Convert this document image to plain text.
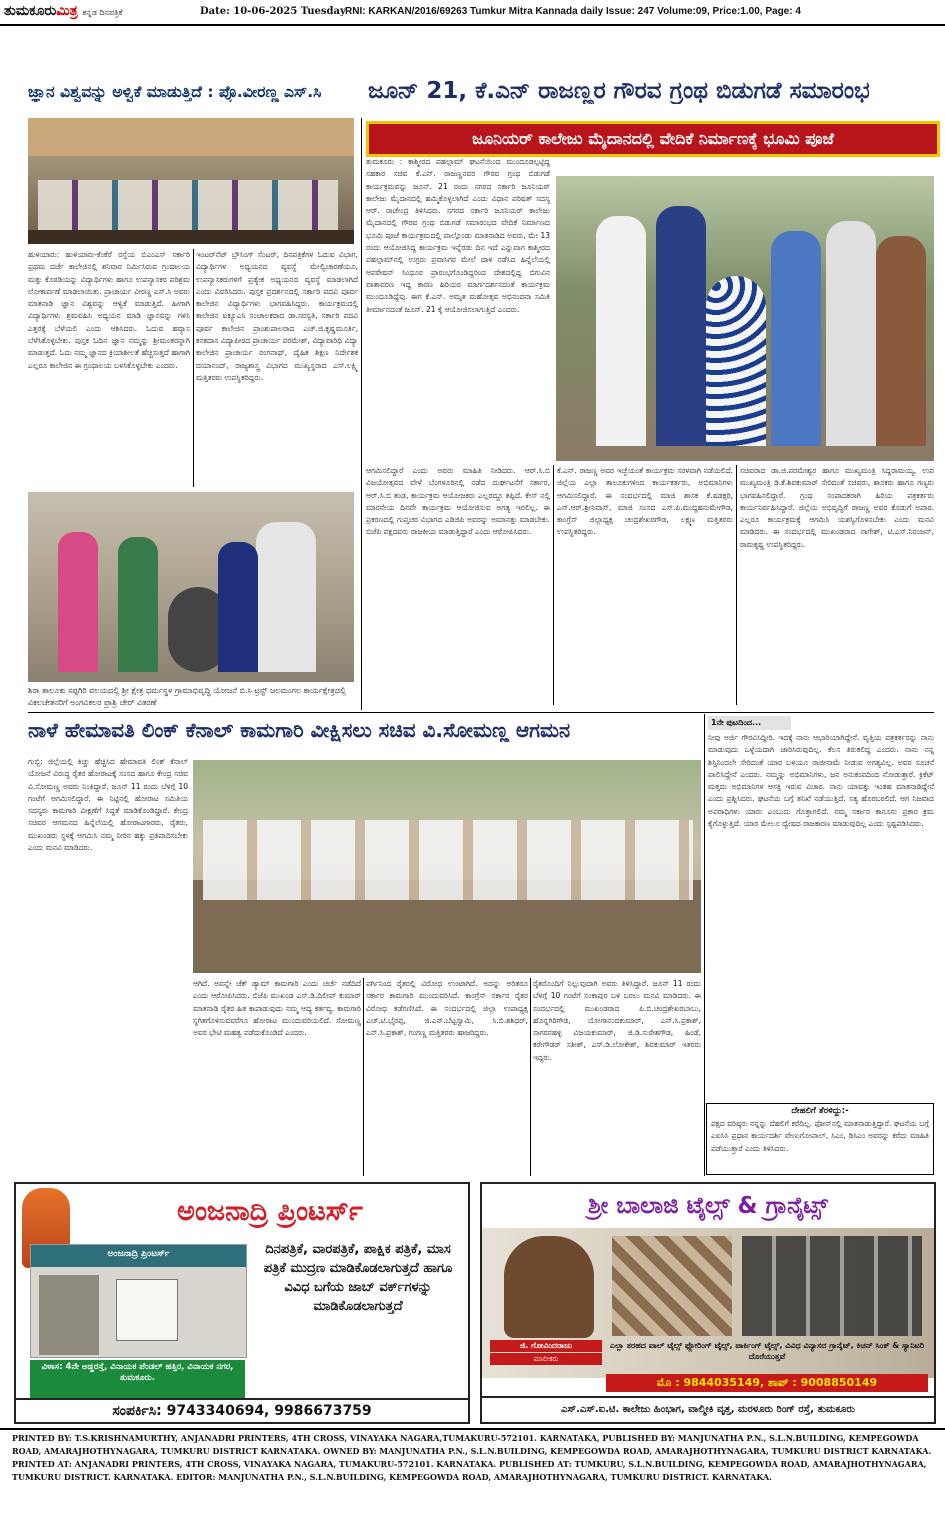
ತುಮಕೂರುಮಿತ್ರ ಕನ್ನಡ ದಿನಪತ್ರಿಕೆ	Date: 10-06-2025 Tuesday RNI: KARKAN/2016/69263 Tumkur Mitra Kannada daily Issue: 247 Volume:09, Price:1.00, Page: 4
ಜ್ಞಾನ ವಿಶ್ವವನ್ನು ಅಳ್ವಿಕೆ ಮಾಡುತ್ತಿದೆ : ಪ್ರೊ.ವೀರಣ್ಣ ಎಸ್.ಸಿ	ಜೂನ್ 21, ಕೆ.ಎನ್ ರಾಜಣ್ಣರ ಗೌರವ ಗ್ರಂಥ ಬಿಡುಗಡೆ ಸಮಾರಂಭ
ಜೂನಿಯರ್ ಕಾಲೇಜು ಮೈದಾನದಲ್ಲಿ ವೇದಿಕೆ ನಿರ್ಮಾಣಕ್ಕೆ ಭೂಮಿ ಪೂಜೆ
ಹುಳಿಯಾರು: ಹುಳಿಯಾರು-ಕೆಂಕೆರೆ ರಸ್ತೆಯ ಬಿಎಂಎಸ್ ಸರ್ಕಾರಿ ಪ್ರಥಮ ದರ್ಜೆ ಕಾಲೇಜಿನಲ್ಲಿ ಶನಿವಾರ ನಿರ್ಮಿಸಿರುವ ಗ್ರಂಥಾಲಯ ಮತ್ತು ಕೊಠಡಿಯನ್ನು ವಿದ್ಯಾರ್ಥಿಗಳು ಹಾಗೂ ಉಪನ್ಯಾಸಕರ ಪರಿಶ್ರಮ ಲೋಕಾರ್ಪಣೆ ಮಾಡಲಾಯಿತು. ಪ್ರಾಚಾರ್ಯ ವೀರಣ್ಣ ಎಸ್.ಸಿ ಅವರು ಮಾತನಾಡಿ ಜ್ಞಾನ ವಿಶ್ವವನ್ನು ಆಳ್ವಿಕೆ ಮಾಡುತ್ತಿದೆ. ಹೀಗಾಗಿ ವಿದ್ಯಾರ್ಥಿಗಳು ಶ್ರಮವಹಿಸಿ ಅಧ್ಯಯನ ಮಾಡಿ ಜ್ಞಾನವನ್ನು ಗಳಿಸಿ ಎತ್ತರಕ್ಕೆ ಬೆಳೆಯಲಿ ಎಂದು ಆಶಿಸಿದರು. ಓದುವ ಹವ್ಯಾಸ ಬೆಳೆಸಿಕೊಳ್ಳಬೇಕು. ಪುಸ್ತಕ ಓದಿನ ಜ್ಞಾನ ನಮ್ಮನ್ನು ಶ್ರೀಮಂತರನ್ನಾಗಿ ಮಾಡುತ್ತದೆ. ಓದು ನಮ್ಮ ಜ್ಞಾನದ ಕ್ರಿಯಾಶೀಲತೆ ಹೆಚ್ಚಿಸುತ್ತದೆ ಹಾಗಾಗಿ ಎಲ್ಲರೂ ಕಾಲೇಜಿನ ಈ ಗ್ರಂಥಾಲಯ ಬಳಸಿಕೊಳ್ಳಬೇಕು ಎಂದರು.
ಇಂಟರ್‌ನೆಟ್ ಬ್ರೌಸಿಂಗ್ ಸೆಂಟರ್, ದಿನಪತ್ರಿಕೆಗಳ ಓದುವ ವಿಭಾಗ, ವಿದ್ಯಾರ್ಥಿಗಳ ಅಧ್ಯಯನದ ವ್ಯವಸ್ಥೆ ಮೇಲ್ವಿಚಾರಣೆಯೂ, ಉಪನ್ಯಾಸಕರುಗಳಿಗೆ ಪ್ರತ್ಯೇಕ ಅಧ್ಯಯನದ ವ್ಯವಸ್ಥೆ ಮಾಡಲಾಗಿದೆ ಎಂದು ವಿವರಿಸಿದರು. ಪುಸ್ತಕ ಪ್ರದರ್ಶನದಲ್ಲಿ ಸರ್ಕಾರಿ ಪದವಿ ಪೂರ್ವ ಕಾಲೇಜಿನ ವಿದ್ಯಾರ್ಥಿಗಳು ಭಾಗವಹಿಸಿದ್ದರು. ಕಾರ್ಯಕ್ರಮದಲ್ಲಿ ಕಾಲೇಜಿನ ಐಕ್ಯೂಎಸಿ ಸಂಚಾಲಕರಾದ ಡಾ.ಸರಸ್ವತಿ, ಸರ್ಕಾರಿ ಪದವಿ ಪೂರ್ವ ಕಾಲೇಜಿನ ಪ್ರಾಂಶುಪಾಲರಾದ ಎಚ್.ಜಿ.ಕೃಷ್ಣಮೂರ್ತಿ, ಕನಕದಾಸ ವಿದ್ಯಾಪೀಠದ ಪ್ರಾಚಾರ್ಯ ಪರಮೇಶ್, ವಿದ್ಯಾವಾರಿಧಿ ವಿದ್ಯಾ ಕಾಲೇಜಿನ ಪ್ರಾಚಾರ್ಯ ರಂಗನಾಥ್, ದೈಹಿಕ ಶಿಕ್ಷಣ ನಿರ್ದೇಶಕ ದಯಾನಂದ್, ರಾಜ್ಯಶಾಸ್ತ್ರ ವಿಭಾಗದ ಮುಖ್ಯಸ್ಥರಾದ ಎಸ್.ಲಕ್ಷ್ಮಿ ಮತ್ತಿತರರು ಉಪಸ್ಥಿತರಿದ್ದರು.
ಶಿರಾ ತಾಲೂಕು ಸಪ್ಪಗಿರಿ ವಲಯದಲ್ಲಿ ಶ್ರೀ ಕ್ಷೇತ್ರ ಧರ್ಮಸ್ಥಳ ಗ್ರಾಮಾಭಿವೃದ್ಧಿ ಯೋಜನೆ ಬಿ.ಸಿ ಟ್ರಸ್ಟ್ ಜಲಮಂಗಲ ಕಾರ್ಯಕ್ಷೇತ್ರದಲ್ಲಿ ವಿಕಲಚೇತನರಿಗೆ ಅಂಗವಿಕಲರ ಪ್ರಾಶ್ರಿ ಚೇರ್ ವಿತರಣೆ
ತುಮಕೂರು : ಕಾಶ್ಮೀರದ ಪಹಲ್ಗಾಮ್ ಘಟನೆಯಿಂದ ಮುಂದೂಡಲ್ಪಟ್ಟಿದ್ದ ಸಹಕಾರ ಸಚಿವ ಕೆ.ಎನ್. ರಾಜಣ್ಣನವರ ಗೌರವ ಗ್ರಂಥ ಬಿಡುಗಡೆ ಕಾರ್ಯಕ್ರಮವನ್ನು ಜೂನ್. 21 ರಂದು ನಗರದ ಸರ್ಕಾರಿ ಜೂನಿಯರ್ ಕಾಲೇಜು ಮೈದಾನದಲ್ಲಿ ಹಮ್ಮಿಕೊಳ್ಳಲಾಗಿದೆ ಎಂದು ವಿಧಾನ ಪರಿಷತ್ ಸದಸ್ಯ ಆರ್. ರಾಜೇಂದ್ರ ತಿಳಿಸಿದರು. ನಗರದ ಸರ್ಕಾರಿ ಜೂನಿಯರ್ ಕಾಲೇಜು ಮೈದಾನದಲ್ಲಿ ಗೌರವ ಗ್ರಂಥ ಬಿಡುಗಡೆ ಸಮಾರಂಭದ ವೇದಿಕೆ ನಿರ್ಮಾಣದ ಭೂಮಿ ಪೂಜೆ ಕಾರ್ಯಕ್ರಮದಲ್ಲಿ ಪಾಲ್ಗೊಂಡು ಮಾತನಾಡಿದ ಅವರು, ಮೇ 13 ರಂದು ಆಯೋಜಿಸಿದ್ದ ಕಾರ್ಯಕ್ರಮ ಇನ್ನೆರಡು ದಿನ ಇದೆ ಎನ್ನುವಾಗ ಕಾಶ್ಮೀರದ ಪಹಲ್ಗಾಮ್‌ನಲ್ಲಿ ಉಗ್ರರು ಪ್ರವಾಸಿಗರ ಮೇಲೆ ದಾಳಿ ನಡೆಸಿದ ಹಿನ್ನೆಲೆಯಲ್ಲಿ ಆಪರೇಷನ್ ಸಿಂಧೂರ ಪ್ರಾರಂಭಗೊಂಡಿದ್ದರಿಂದ ದೇಶದಲ್ಲಿದ್ದ ಬಿಗುವಿನ ವಾತಾವರಣ ಇದ್ದ ಕಾರಣ ಹಿರಿಯರ ಮಾರ್ಗದರ್ಶನದಂತೆ ಕಾರ್ಯಕ್ರಮ ಮುಂದೂಡಿದ್ದೆವು. ಈಗ ಕೆ.ಎನ್. ಅಮೃತ ಮಹೋತ್ಸವ ಅಭಿನಂದನಾ ಸಮಿತಿ ತೀರ್ಮಾನದಂತೆ ಜೂನ್. 21 ಕ್ಕೆ ಆಯೋಜಿಸಲಾಗುತ್ತಿದೆ ಎಂದರು.
ಆಗಮಿಸಲಿದ್ದಾರೆ ಎಂದು ಅವರು ಮಾಹಿತಿ ನೀಡಿದರು. ಆರ್.ಸಿ.ಬಿ ವಿಜಯೋತ್ಸವದ ವೇಳೆ ಬೆಂಗಳೂರಿನಲ್ಲಿ ನಡೆದ ದುರ್ಘಟನೆಗೆ ಸರ್ಕಾರ, ಆರ್.ಸಿ.ಬಿ ತಂಡ, ಕಾರ್ಯಕ್ರಮ ಆಯೋಜಕರು ಎಲ್ಲರದ್ದೂ ತಪ್ಪಿದೆ. ಕೇಸ್ ನಲ್ಲಿ ಮಾರನೇಯ ದಿನವೇ ಕಾರ್ಯಕ್ರಮ ಆಯೋಜಿಸುವ ಅಗತ್ಯ ಇರಲಿಲ್ಲ. ಈ ಪ್ರಕರಣದಲ್ಲಿ ಗುಪ್ತಚರ ವಿಭಾಗದ ಎಡಿಜಿಪಿ ಅವರನ್ನು ಅಮಾನತ್ತು ಮಾಡಬೇಕು. ಬಿಜೆಪಿ ಪಕ್ಷದವರು ರಾಜಕೀಯ ಮಾಡುತ್ತಿದ್ದಾರೆ ಎಂದು ಆರೋಪಿಸಿದರು.
ಕೆ.ಎನ್. ರಾಜಣ್ಣ ಅವರ ಇಚ್ಛೆಯಂತೆ ಕಾರ್ಯಕ್ರಮ ಸರಳವಾಗಿ ನಡೆಯಲಿದೆ. ಜಿಲ್ಲೆಯ ಎಲ್ಲಾ ತಾಲೂಕುಗಳಿಂದ ಕಾರ್ಯಕರ್ತರು, ಅಭಿಮಾನಿಗಳು ಆಗಮಿಸಲಿದ್ದಾರೆ. ಈ ಸಂದರ್ಭದಲ್ಲಿ ಮಾಜಿ ಶಾಸಕ ಕೆ.ಷಡಕ್ಷರಿ, ಎಸ್.ಆರ್.ಶ್ರೀನಿವಾಸ್, ಮಾಜಿ ಸಂಸದ ಎಸ್.ಪಿ.ಮುದ್ದಹನುಮೇಗೌಡ, ಕಾಂಗ್ರೆಸ್ ಜಿಲ್ಲಾಧ್ಯಕ್ಷ ಚಂದ್ರಶೇಖರಗೌಡ, ಲಕ್ಷ್ಮಣ ಮತ್ತಿತರರು ಉಪಸ್ಥಿತರಿದ್ದರು.
ಸಚಿವರಾದ ಡಾ.ಜಿ.ಪರಮೇಶ್ವರ ಹಾಗೂ ಮುಖ್ಯಮಂತ್ರಿ ಸಿದ್ದರಾಮಯ್ಯ, ಉಪ ಮುಖ್ಯಮಂತ್ರಿ ಡಿ.ಕೆ.ಶಿವಕುಮಾರ್ ಸೇರಿದಂತೆ ಸಚಿವರು, ಶಾಸಕರು ಹಾಗೂ ಗಣ್ಯರು ಭಾಗವಹಿಸಲಿದ್ದಾರೆ. ಗ್ರಂಥ ಸಂಪಾದಕರಾಗಿ ಹಿರಿಯ ಪತ್ರಕರ್ತರು ಕಾರ್ಯನಿರ್ವಹಿಸಿದ್ದಾರೆ. ಜಿಲ್ಲೆಯ ಅಭಿವೃದ್ಧಿಗೆ ರಾಜಣ್ಣ ಅವರ ಕೊಡುಗೆ ಅಪಾರ. ಎಲ್ಲರೂ ಕಾರ್ಯಕ್ರಮಕ್ಕೆ ಆಗಮಿಸಿ ಯಶಸ್ವಿಗೊಳಿಸಬೇಕು ಎಂದು ಮನವಿ ಮಾಡಿದರು. ಈ ಸಂದರ್ಭದಲ್ಲಿ ಮುಖಂಡರಾದ ನಾಗೇಶ್, ಟಿ.ಎಸ್.ನಿರಂಜನ್, ರಾಮಕೃಷ್ಣ ಉಪಸ್ಥಿತರಿದ್ದರು.
ನಾಳೆ ಹೇಮಾವತಿ ಲಿಂಕ್ ಕೆನಾಲ್ ಕಾಮಗಾರಿ ವೀಕ್ಷಿಸಲು ಸಚಿವ ವಿ.ಸೋಮಣ್ಣ ಆಗಮನ
ಗುಬ್ಬಿ: ಜಿಲ್ಲೆಯಲ್ಲಿ ಕಿಚ್ಚು ಹೆಚ್ಚಿಸಿದ ಹೇಮಾವತಿ ಲಿಂಕ್ ಕೆನಾಲ್ ಯೋಜನೆ ವಿರುದ್ಧ ರೈತರ ಹೋರಾಟಕ್ಕೆ ಸಂಸದ ಹಾಗೂ ಕೇಂದ್ರ ಸಚಿವ ವಿ.ಸೋಮಣ್ಣ ಅವರು ನಿಂತಿದ್ದಾರೆ. ಜೂನ್ 11 ರಂದು ಬೆಳಿಗ್ಗೆ 10 ಗಂಟೆಗೆ ಆಗಮಿಸಲಿದ್ದಾರೆ. ಈ ನಿಟ್ಟಿನಲ್ಲಿ ಹೋರಾಟ ಸಮಿತಿಯ ಸದಸ್ಯರು ಕಾಮಗಾರಿ ವೀಕ್ಷಣೆಗೆ ಸಿದ್ಧತೆ ಮಾಡಿಕೊಂಡಿದ್ದಾರೆ. ಕೇಂದ್ರ ಸಚಿವರ ಆಗಮನದ ಹಿನ್ನೆಲೆಯಲ್ಲಿ ಹೋರಾಟಗಾರರು, ರೈತರು, ಮುಖಂಡರು ಸ್ಥಳಕ್ಕೆ ಆಗಮಿಸಿ ನಮ್ಮ ನೀರಿನ ಹಕ್ಕು ಪ್ರತಿಪಾದಿಸಬೇಕು ಎಂದು ಮನವಿ ಮಾಡಿದರು.
ಆಗಿದೆ. ಅವನ್ನೇ ಚೆಕ್ ಡ್ಯಾಮ್ ಕಾಮಗಾರಿ ಎಂದು ಚರ್ಚೆ ನಡೆದಿದೆ ಎಂದು ಆರೋಪಿಸಿದರು. ಬಿಜೆಪಿ ಮುಖಂಡ ಎಸ್.ಡಿ.ದಿಲೀಪ್ ಕುಮಾರ್ ಮಾತನಾಡಿ ರೈತರ ಹಿತ ಕಾಪಾಡುವುದು ನಮ್ಮ ಆದ್ಯ ಕರ್ತವ್ಯ. ಕಾಮಗಾರಿ ಸ್ಥಗಿತಗೊಳಿಸುವವರೆಗೂ ಹೋರಾಟ ಮುಂದುವರಿಯಲಿದೆ. ಸೋಮಣ್ಣ ಅವರ ಭೇಟಿ ಮಹತ್ವ ಪಡೆದುಕೊಂಡಿದೆ ಎಂದರು.
ಪರ್ಗಿನಿಂದ ರೈತರಲ್ಲಿ ವಿರೋಧ ಉಂಟಾಗಿದೆ. ಅದನ್ನು ಅರಿತರೂ ಸರ್ಕಾರ ಕಾಮಗಾರಿ ಮುಂದುವರಿಸಿದೆ. ಕಾಂಗ್ರೆಸ್ ಸರ್ಕಾರ ರೈತರ ವಿರೋಧ ಕಡೆಗಣಿಸಿದೆ. ಈ ಸಂದರ್ಭದಲ್ಲಿ ಜಿಲ್ಲಾ ಉಪಾಧ್ಯಕ್ಷ ಎಚ್.ಟಿ.ಭೈರಪ್ಪ, ಜಿ.ಎನ್.ಬೆಟ್ಟಸ್ವಾಮಿ, ಸಿ.ಬಿ.ಶಶಿಧರ್, ಎನ್.ಸಿ.ಪ್ರಕಾಶ್, ಗಂಗಣ್ಣ ಮತ್ತಿತರರು ಹಾಜರಿದ್ದರು.
ರೈತರೊಂದಿಗೆ ನಿಲ್ಲುವುದಾಗಿ ಅವರು ತಿಳಿಸಿದ್ದಾರೆ. ಜೂನ್ 11 ರಂದು ಬೆಳಿಗ್ಗೆ 10 ಗಂಟೆಗೆ ಸಂಕಾಪುರ ಬಳಿ ಬರಲು ಮನವಿ ಮಾಡಿದರು. ಈ ಸಂದರ್ಭದಲ್ಲಿ ಮುಖಂಡರಾದ ಪಿ.ಬಿ.ಚಂದ್ರಶೇಖರಬಾಬು, ಹೊನ್ನಗಿರಿಗೌಡ, ಯೋಗಾನಂದಕುಮಾರ್, ಎನ್.ಸಿ.ಪ್ರಕಾಶ್, ಸಾಗರನಹಳ್ಳಿ ವಿಜಯಕುಮಾರ್, ಜಿ.ಡಿ.ಸುರೇಶಗೌಡ, ಹಿಂಡೆ, ಕರೇಗೌಡರ್ ಸತೀಶ್, ಎಸ್.ಡಿ.ಲೋಕೇಶ್, ಶಿವಕುಮಾರ್ ಇತರರು ಇದ್ದರು.
1ನೇ ಪುಟದಿಂದ...
ನೀವು ಅರ್ಜಿ ಗೌರವಿಸಿದ್ದೀರಿ. ಇದಕ್ಕೆ ನಾನು ಆಭಾರಿಯಾಗಿದ್ದೇನೆ. ವೃತ್ತಿಯ ಪತ್ರಕರ್ತರನ್ನು ನಾನು ಮಾಡುವುದು ಒಳ್ಳೆಯದಾಗಿ ಜಾರಿಸಿರುವುದಿಲ್ಲ. ಕೆಲಸ ತಿರುಕಲಿದ್ದ ಎಂದರು. ನಾನು ನನ್ನ ಶಿಸ್ತಿನಿಂದಲೇ ಸೇರಿದಂತೆ ಯಾರ ಬಳಿಯೂ ರಾಜೀನಾಮೆ ನೀಡುವ ಅಗತ್ಯವಿಲ್ಲ. ಅವರ ಸೂಚನೆ ಪಾಲಿಸಿದ್ದೇನೆ ಎಂದರು. ನಮ್ಮನ್ನು ಅಭಿಮಾನಿಗಳು, ಜನ ಅನುಕಂಪದಿಂದ ನೋಡುತ್ತಾರೆ. ಕ್ರಿಕೆಟ್ ಮತ್ತದು ಅಭಿಮಾನಿಗಳ ಆಸಕ್ತಿ ಇರುವ ವಿಚಾರ. ನಾನು ಯಾವತ್ತು ಇಂತಹ ಮಾತನಾಡಿದ್ದೇನೆ ಎಂದು ಪ್ರಶ್ನಿಸಿದರು. ಘಟನೆಯ ಬಗ್ಗೆ ತನಿಖೆ ನಡೆಯುತ್ತಿದೆ. ಸತ್ಯ ಹೊರಬರಲಿದೆ. ಆಗ ನಿಜವಾದ ಅಪರಾಧಿಗಳು ಯಾರು ಎಂಬುದು ಗೊತ್ತಾಗಲಿದೆ. ನಮ್ಮ ಸರ್ಕಾರ ಕಾನೂನು ಪ್ರಕಾರ ಕ್ರಮ ಕೈಗೊಳ್ಳುತ್ತಿದೆ. ಯಾರ ಮೇಲೂ ದ್ವೇಷದ ರಾಜಕಾರಣ ಮಾಡುವುದಿಲ್ಲ ಎಂದು ಸ್ಪಷ್ಟಪಡಿಸಿದರು.
ದೇಹಲಿಗೆ ತೆರಳಿದ್ದು:-
ಪಕ್ಷದ ವರಿಷ್ಠರು ನನ್ನನ್ನು ದೆಹಲಿಗೆ ಕರೆದಿಲ್ಲ. ಫೋನ್‌ನಲ್ಲಿ ಮಾತನಾಡುತ್ತಿದ್ದಾರೆ. ಘಟನೆಯ ಬಗ್ಗೆ ಎಐಸಿಸಿ ಪ್ರಧಾನ ಕಾರ್ಯದರ್ಶಿ ವೇಣುಗೋಪಾಲ್, ಸಿಎಂ, ಡಿಸಿಎಂ ಅವರನ್ನು ಕರೆದು ಮಾಹಿತಿ ಪಡೆಯುತ್ತಾರೆ ಎಂದು ತಿಳಿಸಿದರು.
ಅಂಜನಾದ್ರಿ ಪ್ರಿಂಟರ್ಸ್
ಅಂಜನಾದ್ರಿ ಪ್ರಿಂಟರ್ಸ್	ದಿನಪತ್ರಿಕೆ, ವಾರಪತ್ರಿಕೆ, ಪಾಕ್ಷಿಕ ಪತ್ರಿಕೆ, ಮಾಸ ಪತ್ರಿಕೆ ಮುದ್ರಣ ಮಾಡಿಕೊಡಲಾಗುತ್ತದೆ ಹಾಗೂ ವಿವಿಧ ಬಗೆಯ ಜಾಬ್ ವರ್ಕ್‌ಗಳನ್ನು ಮಾಡಿಕೊಡಲಾಗುತ್ತದೆ
ವಿಳಾಸ: 4ನೇ ಅಡ್ಡರಸ್ತೆ, ವಿನಾಯಕ ಪೆಂಡಲ್ ಹತ್ತಿರ, ವಿನಾಯಕ ನಗರ, ತುಮಕೂರು.
ಸಂಪರ್ಕಿಸಿ: 9743340694, 9986673759
ಶ್ರೀ ಬಾಲಾಜಿ ಟೈಲ್ಸ್ & ಗ್ರಾನೈಟ್ಸ್
ಜಿ. ಗೋವಿಂದರಾಜು
ಮಾಲೀಕರು
ಎಲ್ಲಾ ತರಹದ ವಾಲ್ ಟೈಲ್ಸ್ ಫ್ಲೋರಿಂಗ್ ಟೈಲ್ಸ್, ಪಾರ್ಕಿಂಗ್ ಟೈಲ್ಸ್, ವಿವಿಧ ವಿನ್ಯಾಸದ ಗ್ರಾನೈಟ್, ಕಿಚನ್ ಸಿಂಕ್ & ಸ್ಯಾನಿಟರಿ ದೊರೆಯುತ್ತವೆ
ಮೊ : 9844035149, ಶಾಪ್ : 9008850149
ಎಸ್.ಎಸ್.ಐ.ಟಿ. ಕಾಲೇಜು ಹಿಂಭಾಗ, ವಾಲ್ಮೀಕಿ ವೃತ್ತ, ಮರಳೂರು ರಿಂಗ್ ರಸ್ತೆ, ತುಮಕೂರು
PRINTED BY: T.S.KRISHNAMURTHY, ANJANADRI PRINTERS, 4TH CROSS, VINAYAKA NAGARA,TUMAKURU-572101. KARNATAKA, PUBLISHED BY: MANJUNATHA P.N., S.L.N.BUILDING, KEMPEGOWDA ROAD, AMARAJHOTHYNAGARA, TUMKURU DISTRICT KARNATAKA. OWNED BY: MANJUNATHA P.N., S.L.N.BUILDING, KEMPEGOWDA ROAD, AMARAJHOTHYNAGARA, TUMKURU DISTRICT KARNATAKA. PRINTED AT: ANJANADRI PRINTERS, 4TH CROSS, VINAYAKA NAGARA, TUMAKURU-572101. KARNATAKA. PUBLISHED AT: TUMKURU, S.L.N.BUILDING, KEMPEGOWDA ROAD, AMARAJHOTHYNAGARA, TUMKURU DISTRICT. KARNATAKA. EDITOR: MANJUNATHA P.N., S.L.N.BUILDING, KEMPEGOWDA ROAD, AMARAJHOTHYNAGARA, TUMKURU DISTRICT. KARNATAKA.
